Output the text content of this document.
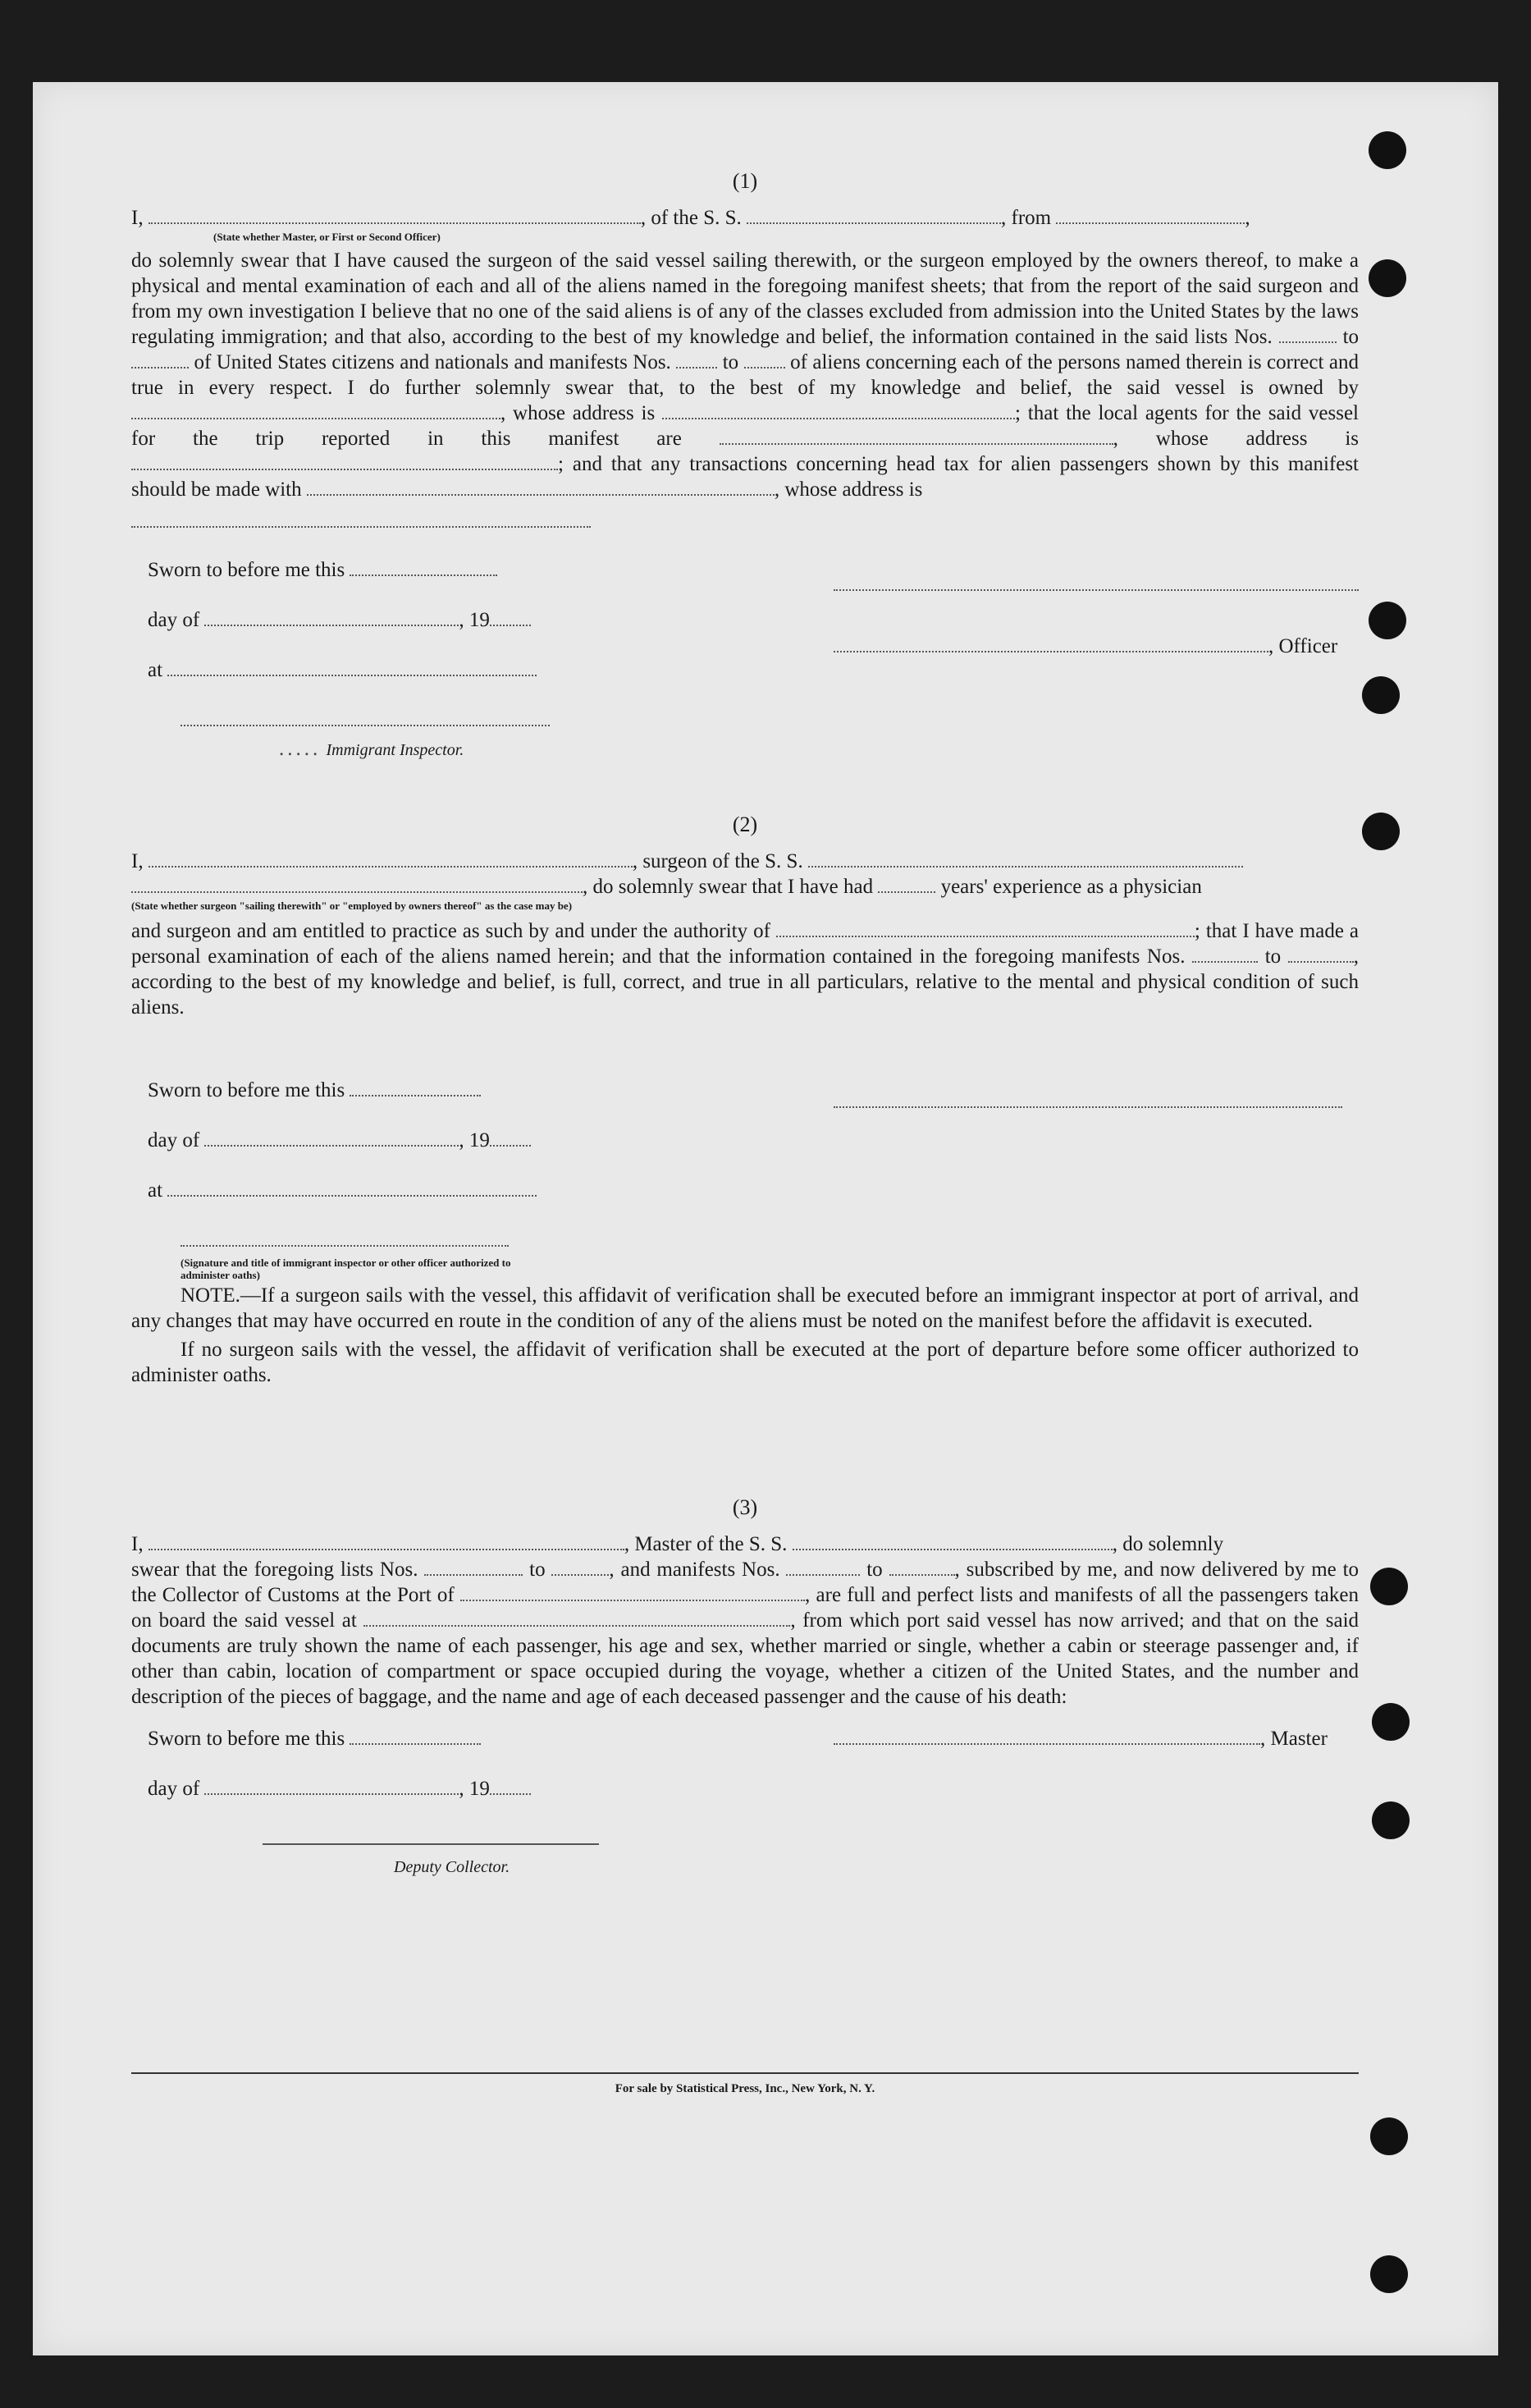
(1)
I,	, of the S. S.	, from	,
(State whether Master, or First or Second Officer)
do solemnly swear that I have caused the surgeon of the said vessel sailing therewith, or the surgeon employed by the owners thereof, to make a physical and mental examination of each and all of the aliens named in the foregoing manifest sheets; that from the report of the said surgeon and from my own investigation I believe that no one of the said aliens is of any of the classes excluded from admission into the United States by the laws regulating immigration; and that also, according to the best of my knowledge and belief, the information contained in the said lists Nos.	to  of United States citizens and nationals and manifests Nos.	to	of aliens concerning each of the persons named therein is correct and true in every respect. I do further solemnly swear that, to the best of my knowledge and belief, the said vessel is owned by , whose address is	; that the local agents for the said vessel for the trip reported in this manifest are	, whose address is ; and that any transactions concerning head tax for alien passengers shown by this manifest should be made with	, whose address is
Sworn to before me this
day of	, 19
at
..... Immigrant Inspector.
, Officer
(2)
I,	, surgeon of the S. S.
, do solemnly swear that I have had	years' experience as a physician
(State whether surgeon "sailing therewith" or "employed by owners thereof" as the case may be)
and surgeon and am entitled to practice as such by and under the authority of	; that I have made a personal examination of each of the aliens named herein; and that the information contained in the foregoing manifests Nos.	to	, according to the best of my knowledge and belief, is full, correct, and true in all particulars, relative to the mental and physical condition of such aliens.
Sworn to before me this
day of	, 19
at
(Signature and title of immigrant inspector or other officer authorized to administer oaths)
NOTE.—If a surgeon sails with the vessel, this affidavit of verification shall be executed before an immigrant inspector at port of arrival, and any changes that may have occurred en route in the condition of any of the aliens must be noted on the manifest before the affidavit is executed.
If no surgeon sails with the vessel, the affidavit of verification shall be executed at the port of departure before some officer authorized to administer oaths.
(3)
I,	, Master of the S. S.	, do solemnly
swear that the foregoing lists Nos.	to	, and manifests Nos.	to	, subscribed by me, and now delivered by me to the Collector of Customs at the Port of	, are full and perfect lists and manifests of all the passengers taken on board the said vessel at	, from which port said vessel has now arrived; and that on the said documents are truly shown the name of each passenger, his age and sex, whether married or single, whether a cabin or steerage passenger and, if other than cabin, location of compartment or space occupied during the voyage, whether a citizen of the United States, and the number and description of the pieces of baggage, and the name and age of each deceased passenger and the cause of his death:
Sworn to before me this
day of	, 19
Deputy Collector.
, Master
For sale by Statistical Press, Inc., New York, N. Y.
